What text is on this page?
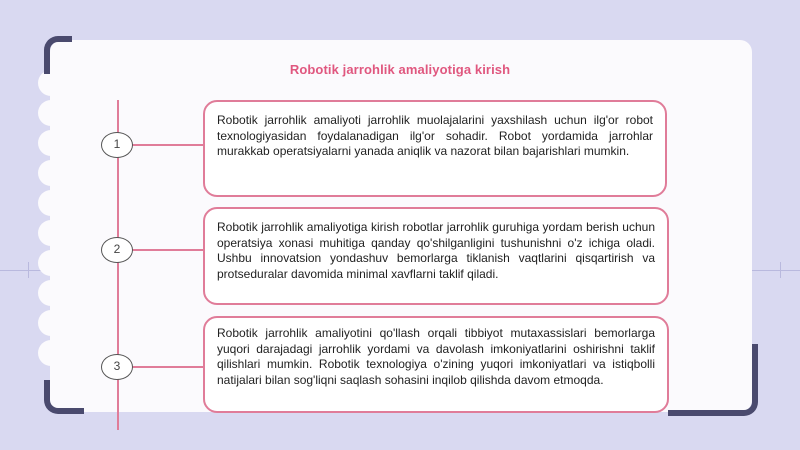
Robotik jarrohlik amaliyotiga kirish
1
Robotik jarrohlik amaliyoti jarrohlik muolajalarini yaxshilash uchun ilg'or robot texnologiyasidan foydalanadigan ilg'or sohadir. Robot yordamida jarrohlar murakkab operatsiyalarni yanada aniqlik va nazorat bilan bajarishlari mumkin.
2
Robotik jarrohlik amaliyotiga kirish robotlar jarrohlik guruhiga yordam berish uchun operatsiya xonasi muhitiga qanday qo'shilganligini tushunishni o'z ichiga oladi. Ushbu innovatsion yondashuv bemorlarga tiklanish vaqtlarini qisqartirish va protseduralar davomida minimal xavflarni taklif qiladi.
3
Robotik jarrohlik amaliyotini qo'llash orqali tibbiyot mutaxassislari bemorlarga yuqori darajadagi jarrohlik yordami va davolash imkoniyatlarini oshirishni taklif qilishlari mumkin. Robotik texnologiya o'zining yuqori imkoniyatlari va istiqbolli natijalari bilan sog'liqni saqlash sohasini inqilob qilishda davom etmoqda.
